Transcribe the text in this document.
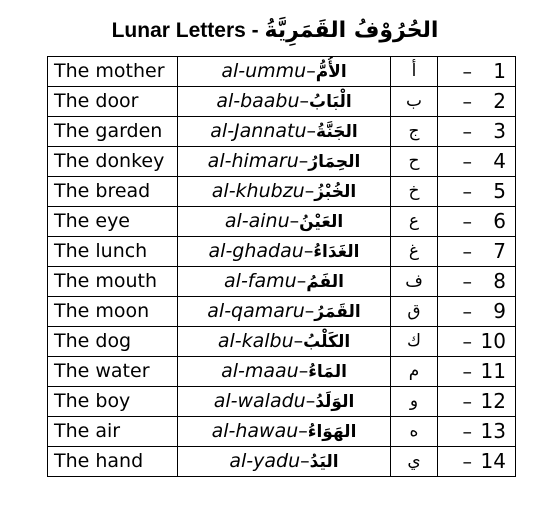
Lunar Letters - الحُرُوْفُ القَمَرِيَّةُ
The mother	al-ummu–الأُمُّ	أ	– 1
The door	al-baabu–الْبَابُ	ب	– 2
The garden	al-Jannatu–الجَنَّةُ	ج	– 3
The donkey	al-himaru–الحِمَارُ	ح	– 4
The bread	al-khubzu–الخُبْزُ	خ	– 5
The eye	al-ainu–العَيْنُ	ع	– 6
The lunch	al-ghadau–الغَدَاءُ	غ	– 7
The mouth	al-famu–الفَمُ	ف	– 8
The moon	al-qamaru–القَمَرُ	ق	– 9
The dog	al-kalbu–الكَلْبُ	ك	– 10
The water	al-maau–المَاءُ	م	– 11
The boy	al-waladu–الوَلَدُ	و	– 12
The air	al-hawau–الهَوَاءُ	ه	– 13
The hand	al-yadu–اليَدُ	ي	– 14
